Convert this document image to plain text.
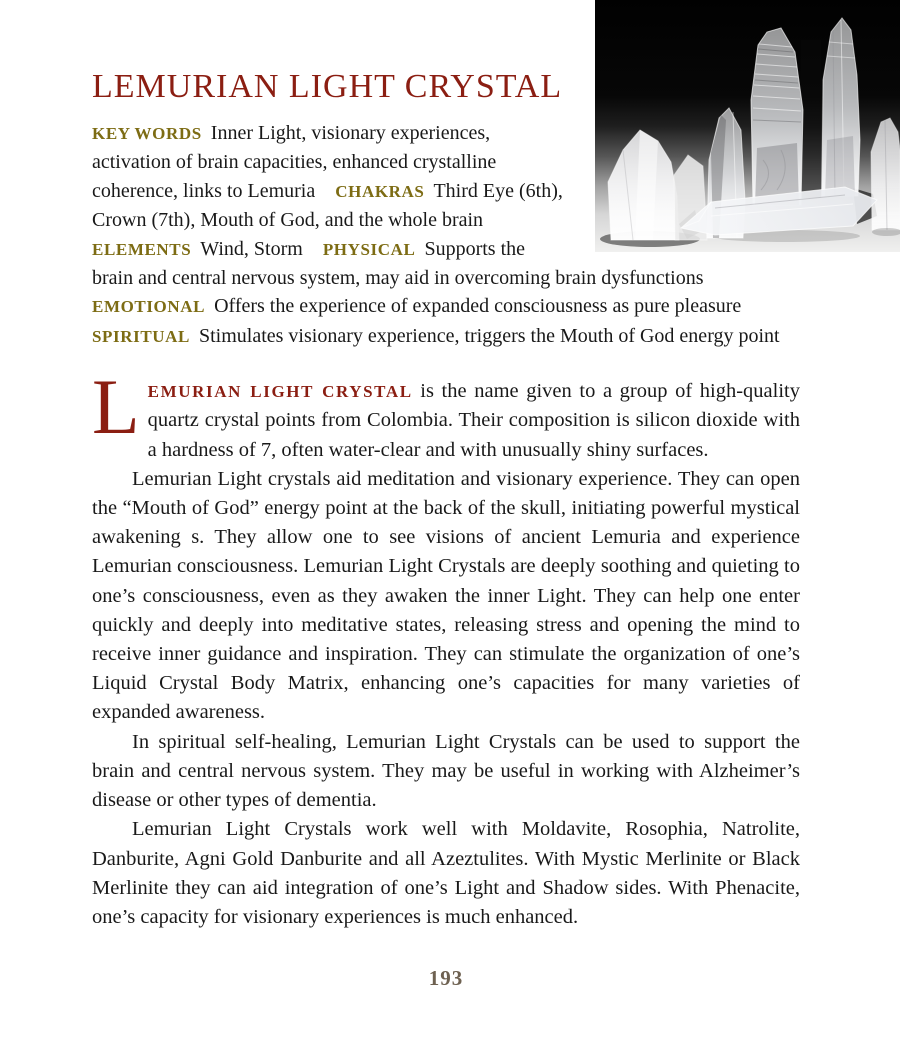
LEMURIAN LIGHT CRYSTAL
KEY WORDS Inner Light, visionary experiences, activation of brain capacities, enhanced crystalline coherence, links to Lemuria CHAKRAS Third Eye (6th), Crown (7th), Mouth of God, and the whole brain ELEMENTS Wind, Storm PHYSICAL Supports the brain and central nervous system, may aid in overcoming brain dysfunctions EMOTIONAL Offers the experience of expanded consciousness as pure pleasure SPIRITUAL Stimulates visionary experience, triggers the Mouth of God energy point

LEMURIAN LIGHT CRYSTAL is the name given to a group of high-quality quartz crystal points from Colombia. Their composition is silicon dioxide with a hardness of 7, often water-clear and with unusually shiny surfaces.

Lemurian Light crystals aid meditation and visionary experience. They can open the “Mouth of God” energy point at the back of the skull, initiating powerful mystical awakening s. They allow one to see visions of ancient Lemuria and experience Lemurian consciousness. Lemurian Light Crystals are deeply soothing and quieting to one’s consciousness, even as they awaken the inner Light. They can help one enter quickly and deeply into meditative states, releasing stress and opening the mind to receive inner guidance and inspiration. They can stimulate the organization of one’s Liquid Crystal Body Matrix, enhancing one’s capacities for many varieties of expanded awareness.

In spiritual self-healing, Lemurian Light Crystals can be used to support the brain and central nervous system. They may be useful in working with Alzheimer’s disease or other types of dementia.

Lemurian Light Crystals work well with Moldavite, Rosophia, Natrolite, Danburite, Agni Gold Danburite and all Azeztulites. With Mystic Merlinite or Black Merlinite they can aid integration of one’s Light and Shadow sides. With Phenacite, one’s capacity for visionary experiences is much enhanced.

193
